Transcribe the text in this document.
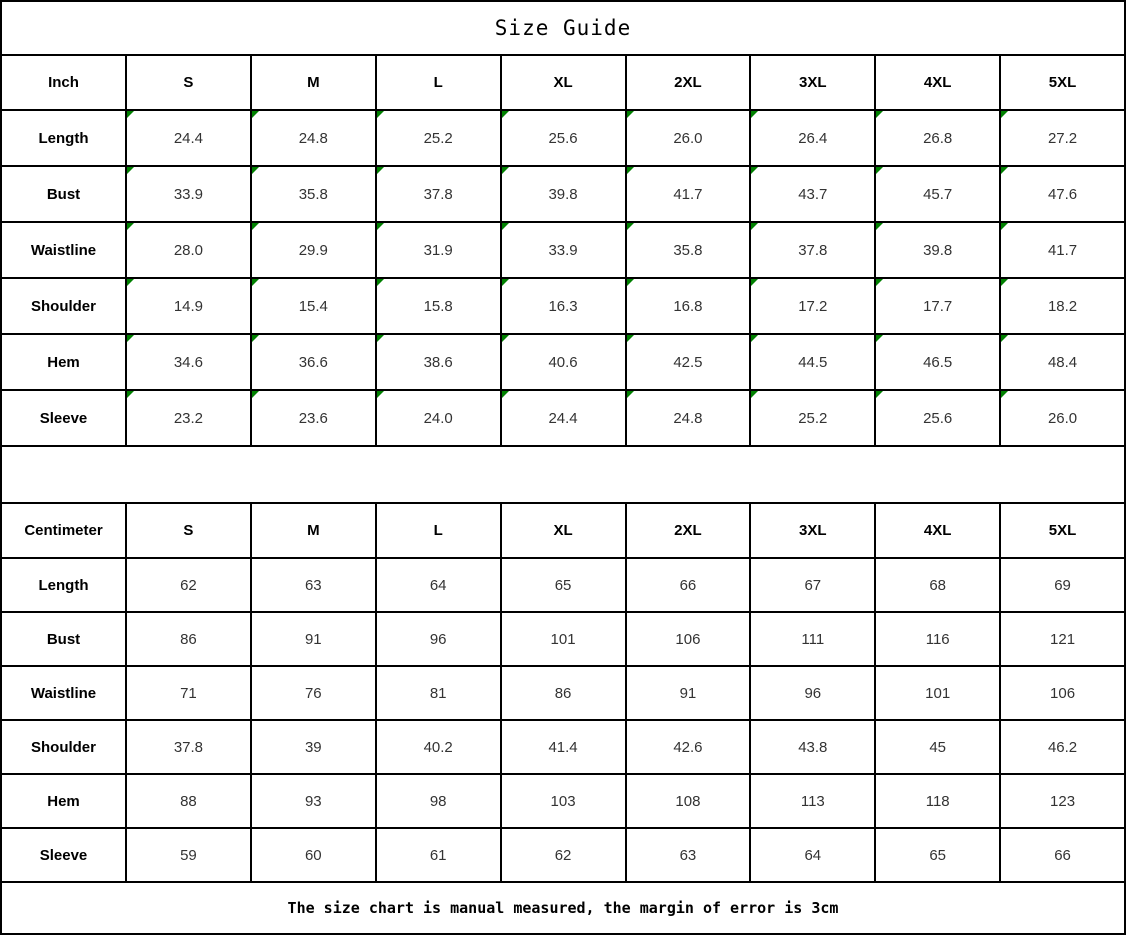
Size Guide								
Inch	S	M	L	XL	2XL	3XL	4XL	5XL
Length	24.4	24.8	25.2	25.6	26.0	26.4	26.8	27.2
Bust	33.9	35.8	37.8	39.8	41.7	43.7	45.7	47.6
Waistline	28.0	29.9	31.9	33.9	35.8	37.8	39.8	41.7
Shoulder	14.9	15.4	15.8	16.3	16.8	17.2	17.7	18.2
Hem	34.6	36.6	38.6	40.6	42.5	44.5	46.5	48.4
Sleeve	23.2	23.6	24.0	24.4	24.8	25.2	25.6	26.0

Centimeter	S	M	L	XL	2XL	3XL	4XL	5XL
Length	62	63	64	65	66	67	68	69
Bust	86	91	96	101	106	111	116	121
Waistline	71	76	81	86	91	96	101	106
Shoulder	37.8	39	40.2	41.4	42.6	43.8	45	46.2
Hem	88	93	98	103	108	113	118	123
Sleeve	59	60	61	62	63	64	65	66
The size chart is manual measured, the margin of error is 3cm								
